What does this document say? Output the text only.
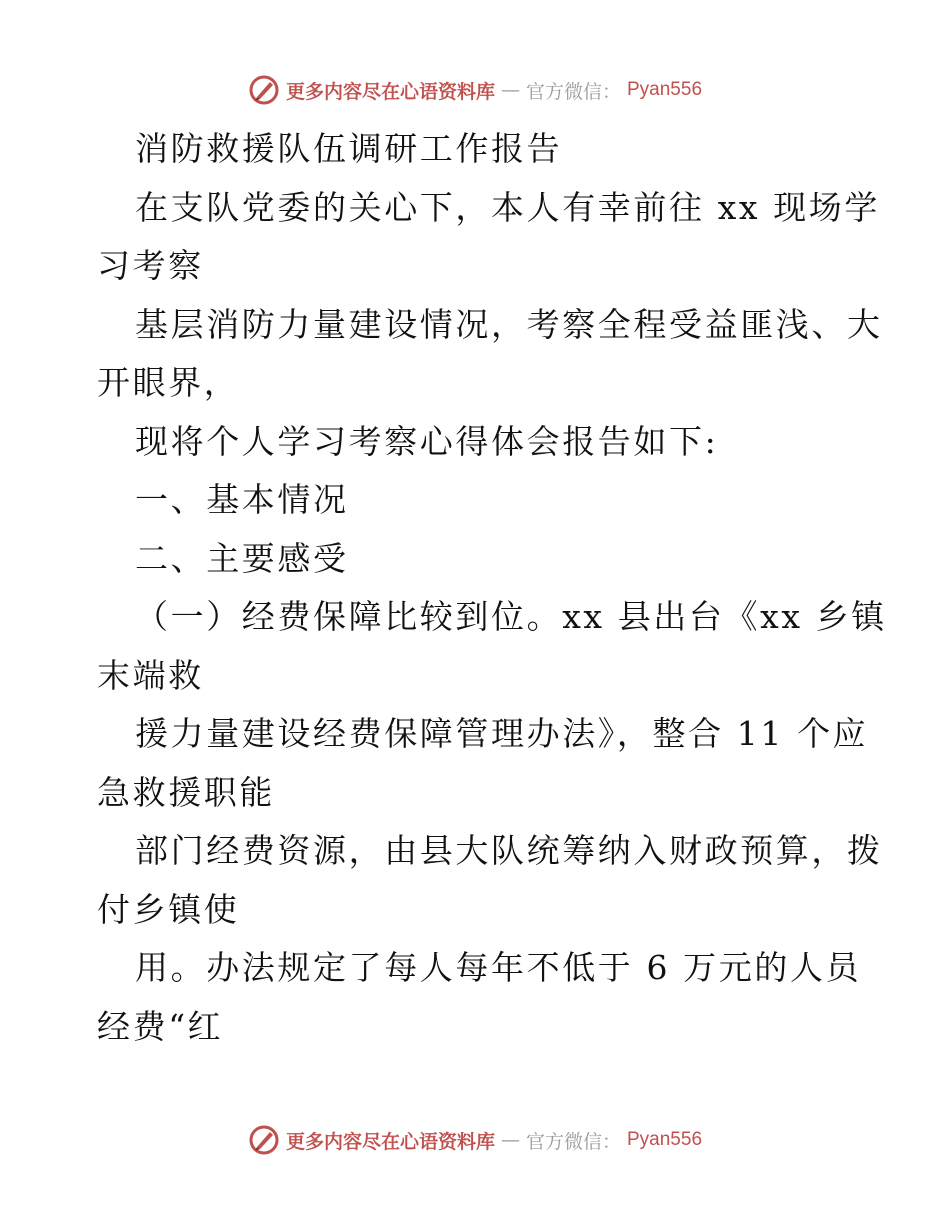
更多内容尽在心语资料库 — 官方微信： Pyan556
消防救援队伍调研工作报告
在支队党委的关心下，本人有幸前往 xx 现场学
习考察
基层消防力量建设情况，考察全程受益匪浅、大
开眼界，
现将个人学习考察心得体会报告如下:
一、基本情况
二、主要感受
（一）经费保障比较到位。xx 县出台《xx 乡镇
末端救
援力量建设经费保障管理办法》，整合 11 个应
急救援职能
部门经费资源，由县大队统筹纳入财政预算，拨
付乡镇使
用。办法规定了每人每年不低于 6 万元的人员
经费“红
更多内容尽在心语资料库 — 官方微信： Pyan556
